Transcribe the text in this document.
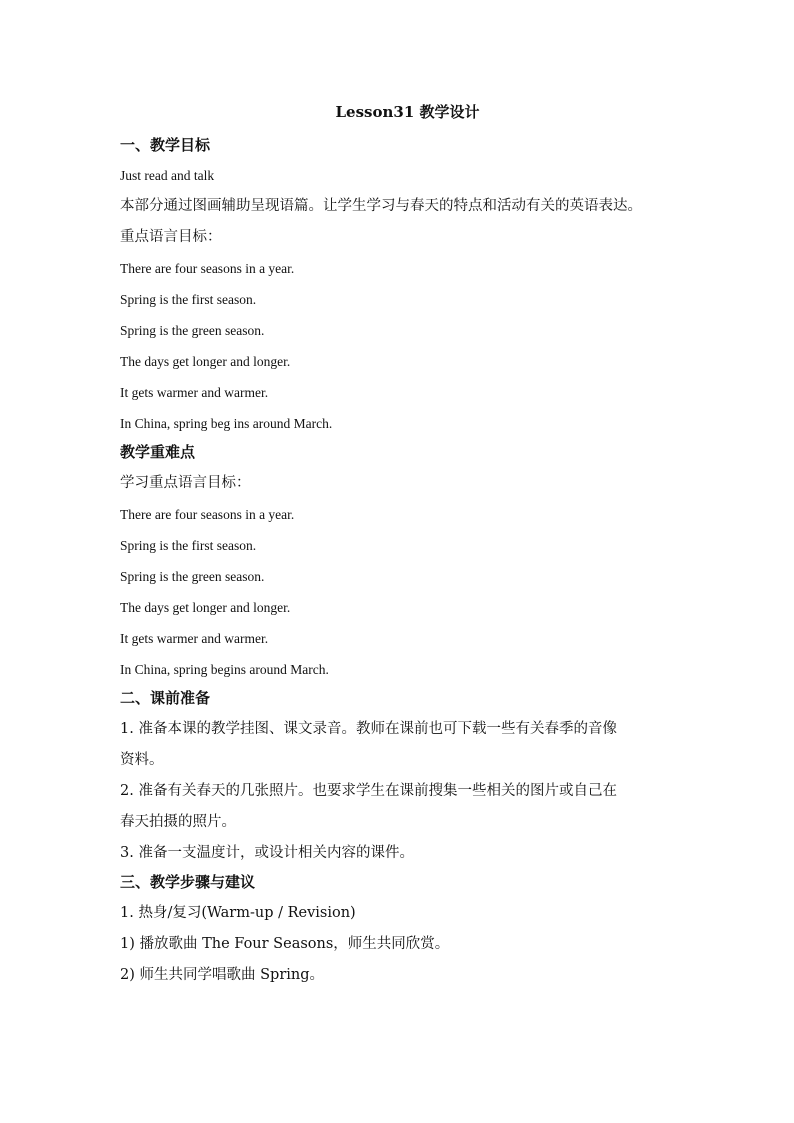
Lesson31 教学设计
一、教学目标
Just read and talk
本部分通过图画辅助呈现语篇。让学生学习与春天的特点和活动有关的英语表达。
重点语言目标：
There are four seasons in a year.
Spring is the first season.
Spring is the green season.
The days get longer and longer.
It gets warmer and warmer.
In China, spring beg ins around March.
教学重难点
学习重点语言目标：
There are four seasons in a year.
Spring is the first season.
Spring is the green season.
The days get longer and longer.
It gets warmer and warmer.
In China, spring begins around March.
二、课前准备
1. 准备本课的教学挂图、课文录音。教师在课前也可下载一些有关春季的音像
资料。
2. 准备有关春天的几张照片。也要求学生在课前搜集一些相关的图片或自己在
春天拍摄的照片。
3. 准备一支温度计，或设计相关内容的课件。
三、教学步骤与建议
1. 热身/复习(Warm-up / Revision)
1) 播放歌曲 The Four Seasons，师生共同欣赏。
2) 师生共同学唱歌曲 Spring。
